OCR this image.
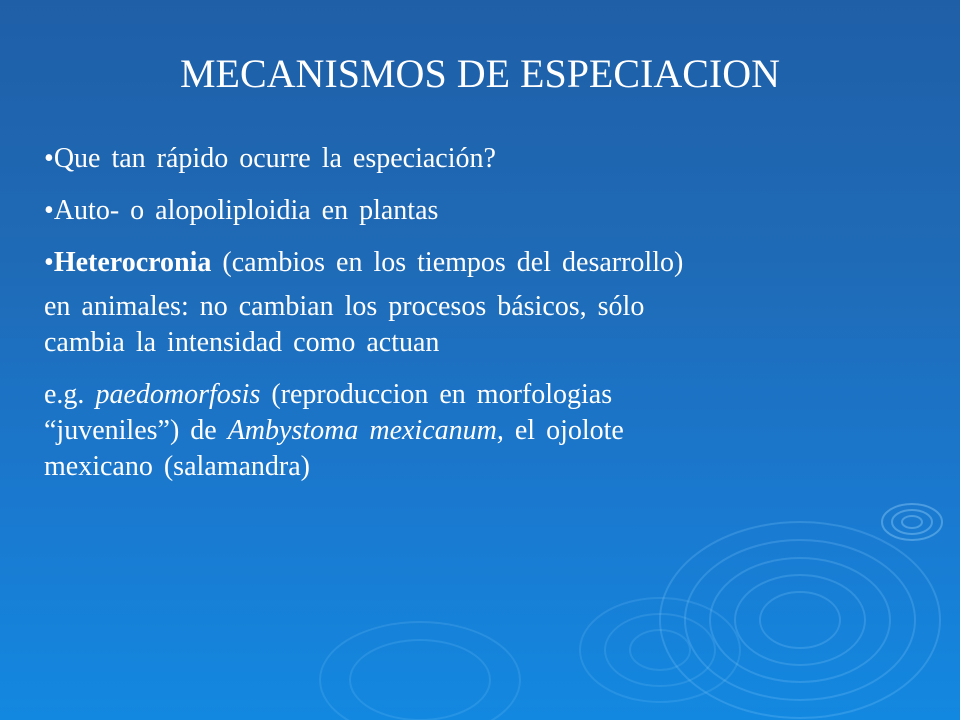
MECANISMOS DE ESPECIACION

•Que tan rápido ocurre la especiación?

•Auto- o alopoliploidia en plantas

•Heterocronia (cambios en los tiempos del desarrollo)

en animales: no cambian los procesos básicos, sólo
cambia la intensidad como actuan

e.g. paedomorfosis (reproduccion en morfologias
“juveniles”) de Ambystoma mexicanum, el ojolote
mexicano (salamandra)
